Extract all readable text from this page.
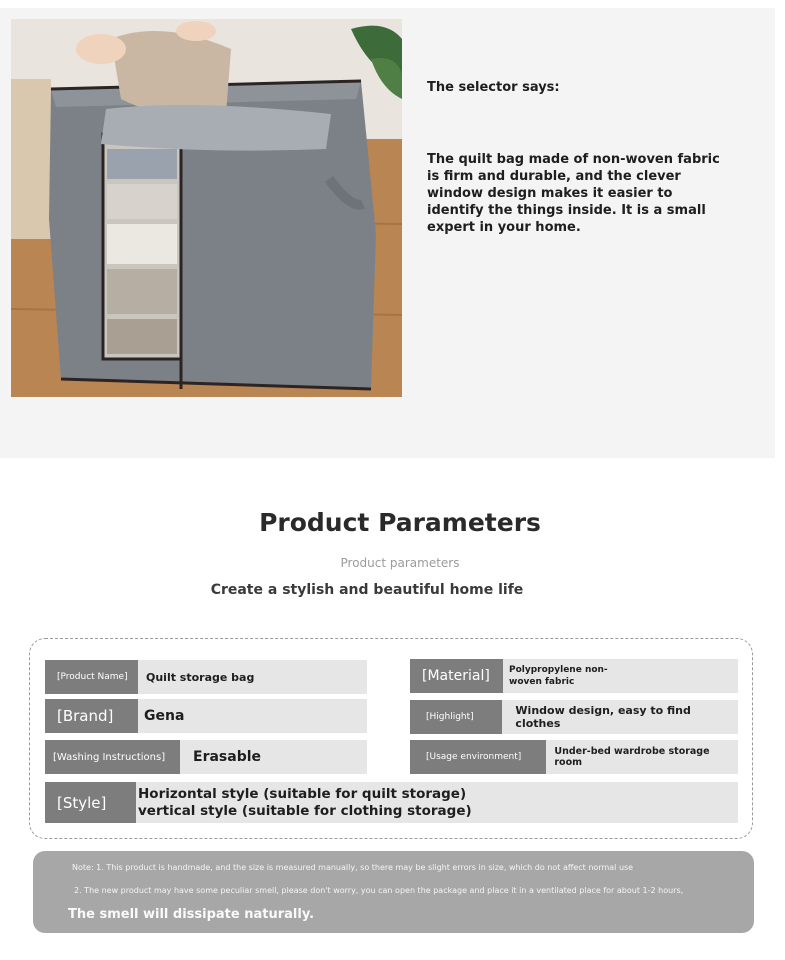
The selector says:
The quilt bag made of non-woven fabric is firm and durable, and the clever window design makes it easier to identify the things inside. It is a small expert in your home.
Product Parameters
Product parameters
Create a stylish and beautiful home life
[Product Name]	Quilt storage bag	[Material]	Polypropylene non-woven fabric
[Brand]	Gena	[Highlight]	Window design, easy to find clothes
[Washing Instructions]	Erasable	[Usage environment]	Under-bed wardrobe storage room
[Style]	Horizontal style (suitable for quilt storage) vertical style (suitable for clothing storage)
Note: 1. This product is handmade, and the size is measured manually, so there may be slight errors in size, which do not affect normal use
2. The new product may have some peculiar smell, please don't worry, you can open the package and place it in a ventilated place for about 1-2 hours,
The smell will dissipate naturally.
